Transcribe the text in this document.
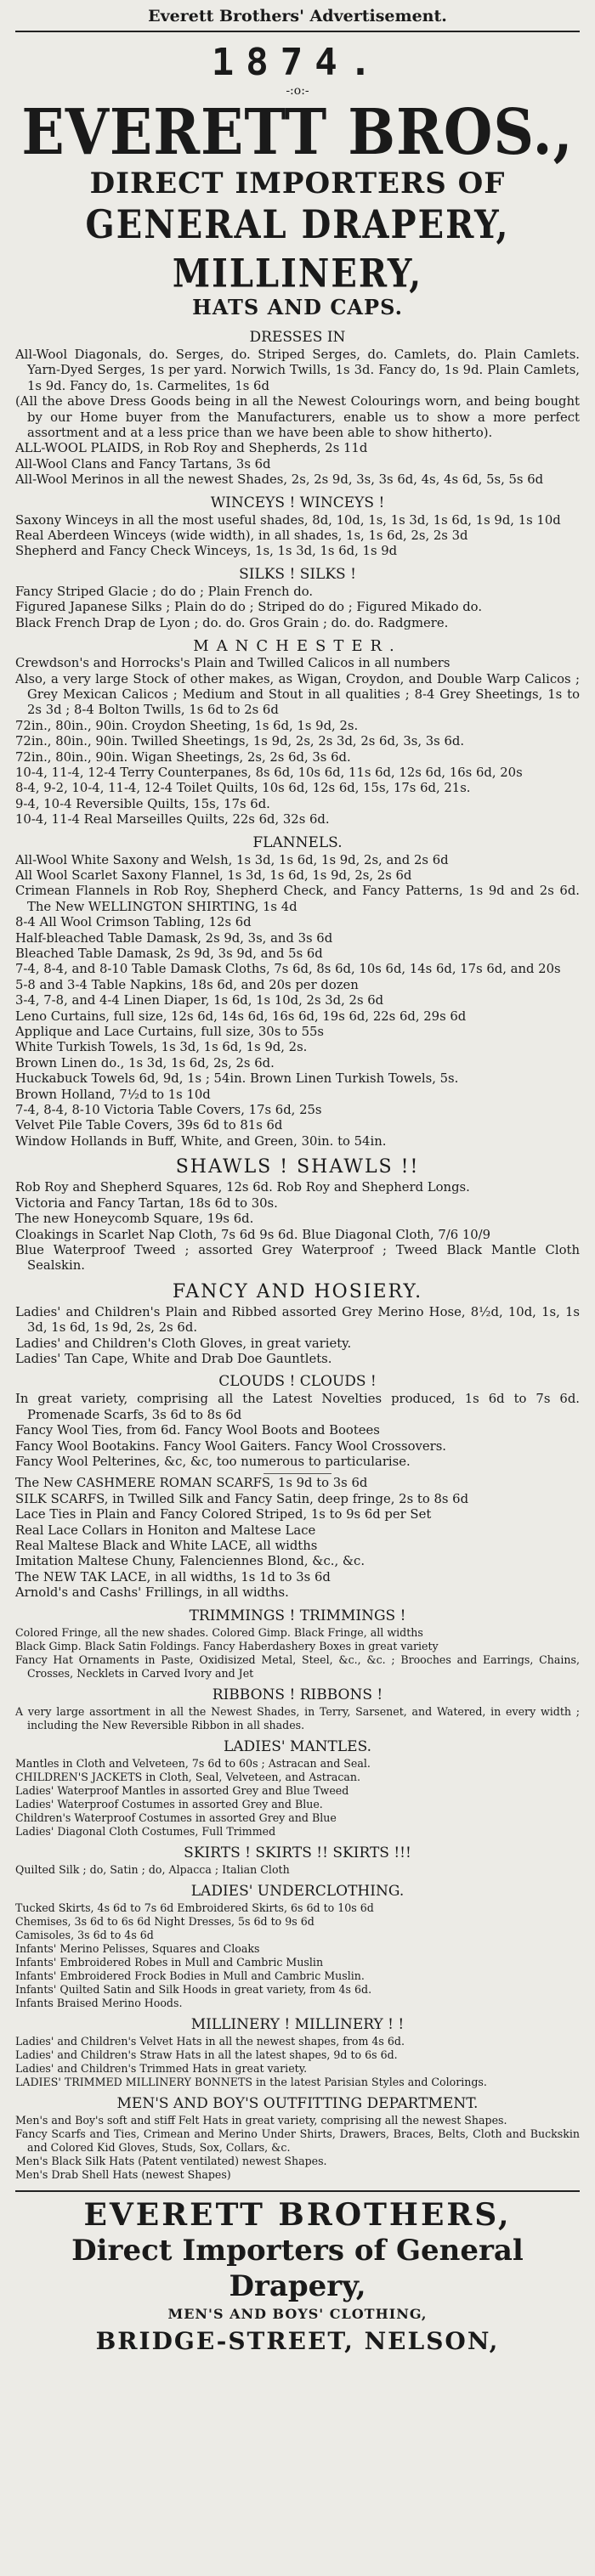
Everett Brothers' Advertisement.
1874.
-:o:-
EVERETT BROS.,
DIRECT IMPORTERS OF
GENERAL DRAPERY, MILLINERY,
HATS AND CAPS.
DRESSES IN

All-Wool Diagonals, do. Serges, do. Striped Serges, do. Camlets, do. Plain Camlets. Yarn-Dyed Serges, 1s per yard. Norwich Twills, 1s 3d. Fancy do, 1s 9d. Plain Camlets, 1s 9d. Fancy do, 1s. Carmelites, 1s 6d

(All the above Dress Goods being in all the Newest Colourings worn, and being bought by our Home buyer from the Manufacturers, enable us to show a more perfect assortment and at a less price than we have been able to show hitherto).

ALL-WOOL PLAIDS, in Rob Roy and Shepherds, 2s 11d

All-Wool Clans and Fancy Tartans, 3s 6d

All-Wool Merinos in all the newest Shades, 2s, 2s 9d, 3s, 3s 6d, 4s, 4s 6d, 5s, 5s 6d

WINCEYS ! WINCEYS !

Saxony Winceys in all the most useful shades, 8d, 10d, 1s, 1s 3d, 1s 6d, 1s 9d, 1s 10d

Real Aberdeen Winceys (wide width), in all shades, 1s, 1s 6d, 2s, 2s 3d

Shepherd and Fancy Check Winceys, 1s, 1s 3d, 1s 6d, 1s 9d

SILKS ! SILKS !

Fancy Striped Glacie ; do do ; Plain French do.

Figured Japanese Silks ; Plain do do ; Striped do do ; Figured Mikado do.

Black French Drap de Lyon ; do. do. Gros Grain ; do. do. Radgmere.

MANCHESTER.

Crewdson's and Horrocks's Plain and Twilled Calicos in all numbers

Also, a very large Stock of other makes, as Wigan, Croydon, and Double Warp Calicos ; Grey Mexican Calicos ; Medium and Stout in all qualities ; 8-4 Grey Sheetings, 1s to 2s 3d ; 8-4 Bolton Twills, 1s 6d to 2s 6d

72in., 80in., 90in. Croydon Sheeting, 1s 6d, 1s 9d, 2s.

72in., 80in., 90in. Twilled Sheetings, 1s 9d, 2s, 2s 3d, 2s 6d, 3s, 3s 6d.

72in., 80in., 90in. Wigan Sheetings, 2s, 2s 6d, 3s 6d.

10-4, 11-4, 12-4 Terry Counterpanes, 8s 6d, 10s 6d, 11s 6d, 12s 6d, 16s 6d, 20s

8-4, 9-2, 10-4, 11-4, 12-4 Toilet Quilts, 10s 6d, 12s 6d, 15s, 17s 6d, 21s.

9-4, 10-4 Reversible Quilts, 15s, 17s 6d.

10-4, 11-4 Real Marseilles Quilts, 22s 6d, 32s 6d.

FLANNELS.

All-Wool White Saxony and Welsh, 1s 3d, 1s 6d, 1s 9d, 2s, and 2s 6d

All Wool Scarlet Saxony Flannel, 1s 3d, 1s 6d, 1s 9d, 2s, 2s 6d

Crimean Flannels in Rob Roy, Shepherd Check, and Fancy Patterns, 1s 9d and 2s 6d. The New WELLINGTON SHIRTING, 1s 4d

8-4 All Wool Crimson Tabling, 12s 6d

Half-bleached Table Damask, 2s 9d, 3s, and 3s 6d

Bleached Table Damask, 2s 9d, 3s 9d, and 5s 6d

7-4, 8-4, and 8-10 Table Damask Cloths, 7s 6d, 8s 6d, 10s 6d, 14s 6d, 17s 6d, and 20s

5-8 and 3-4 Table Napkins, 18s 6d, and 20s per dozen

3-4, 7-8, and 4-4 Linen Diaper, 1s 6d, 1s 10d, 2s 3d, 2s 6d

Leno Curtains, full size, 12s 6d, 14s 6d, 16s 6d, 19s 6d, 22s 6d, 29s 6d

Applique and Lace Curtains, full size, 30s to 55s

White Turkish Towels, 1s 3d, 1s 6d, 1s 9d, 2s.

Brown Linen do., 1s 3d, 1s 6d, 2s, 2s 6d.

Huckabuck Towels 6d, 9d, 1s ; 54in. Brown Linen Turkish Towels, 5s.

Brown Holland, 7½d to 1s 10d

7-4, 8-4, 8-10 Victoria Table Covers, 17s 6d, 25s

Velvet Pile Table Covers, 39s 6d to 81s 6d

Window Hollands in Buff, White, and Green, 30in. to 54in.

SHAWLS ! SHAWLS !!

Rob Roy and Shepherd Squares, 12s 6d. Rob Roy and Shepherd Longs.

Victoria and Fancy Tartan, 18s 6d to 30s.

The new Honeycomb Square, 19s 6d.

Cloakings in Scarlet Nap Cloth, 7s 6d 9s 6d. Blue Diagonal Cloth, 7/6 10/9

Blue Waterproof Tweed ; assorted Grey Waterproof ; Tweed Black Mantle Cloth Sealskin.

FANCY AND HOSIERY.

Ladies' and Children's Plain and Ribbed assorted Grey Merino Hose, 8½d, 10d, 1s, 1s 3d, 1s 6d, 1s 9d, 2s, 2s 6d.

Ladies' and Children's Cloth Gloves, in great variety.

Ladies' Tan Cape, White and Drab Doe Gauntlets.

CLOUDS ! CLOUDS !

In great variety, comprising all the Latest Novelties produced, 1s 6d to 7s 6d. Promenade Scarfs, 3s 6d to 8s 6d

Fancy Wool Ties, from 6d. Fancy Wool Boots and Bootees

Fancy Wool Bootakins. Fancy Wool Gaiters. Fancy Wool Crossovers.

Fancy Wool Pelterines, &c, &c, too numerous to particularise.

The New CASHMERE ROMAN SCARFS, 1s 9d to 3s 6d

SILK SCARFS, in Twilled Silk and Fancy Satin, deep fringe, 2s to 8s 6d

Lace Ties in Plain and Fancy Colored Striped, 1s to 9s 6d per Set

Real Lace Collars in Honiton and Maltese Lace

Real Maltese Black and White LACE, all widths

Imitation Maltese Chuny, Falenciennes Blond, &c., &c.

The NEW TAK LACE, in all widths, 1s 1d to 3s 6d

Arnold's and Cashs' Frillings, in all widths.

TRIMMINGS ! TRIMMINGS !

Colored Fringe, all the new shades. Colored Gimp. Black Fringe, all widths

Black Gimp. Black Satin Foldings. Fancy Haberdashery Boxes in great variety

Fancy Hat Ornaments in Paste, Oxidisized Metal, Steel, &c., &c. ; Brooches and Earrings, Chains, Crosses, Necklets in Carved Ivory and Jet

RIBBONS ! RIBBONS !

A very large assortment in all the Newest Shades, in Terry, Sarsenet, and Watered, in every width ; including the New Reversible Ribbon in all shades.

LADIES' MANTLES.

Mantles in Cloth and Velveteen, 7s 6d to 60s ; Astracan and Seal.

CHILDREN'S JACKETS in Cloth, Seal, Velveteen, and Astracan.

Ladies' Waterproof Mantles in assorted Grey and Blue Tweed

Ladies' Waterproof Costumes in assorted Grey and Blue.

Children's Waterproof Costumes in assorted Grey and Blue

Ladies' Diagonal Cloth Costumes, Full Trimmed

SKIRTS ! SKIRTS !! SKIRTS !!!

Quilted Silk ; do, Satin ; do, Alpacca ; Italian Cloth

LADIES' UNDERCLOTHING.

Tucked Skirts, 4s 6d to 7s 6d Embroidered Skirts, 6s 6d to 10s 6d

Chemises, 3s 6d to 6s 6d Night Dresses, 5s 6d to 9s 6d

Camisoles, 3s 6d to 4s 6d

Infants' Merino Pelisses, Squares and Cloaks

Infants' Embroidered Robes in Mull and Cambric Muslin

Infants' Embroidered Frock Bodies in Mull and Cambric Muslin.

Infants' Quilted Satin and Silk Hoods in great variety, from 4s 6d.

Infants Braised Merino Hoods.

MILLINERY ! MILLINERY ! !

Ladies' and Children's Velvet Hats in all the newest shapes, from 4s 6d.

Ladies' and Children's Straw Hats in all the latest shapes, 9d to 6s 6d.

Ladies' and Children's Trimmed Hats in great variety.

LADIES' TRIMMED MILLINERY BONNETS in the latest Parisian Styles and Colorings.

MEN'S AND BOY'S OUTFITTING DEPARTMENT.

Men's and Boy's soft and stiff Felt Hats in great variety, comprising all the newest Shapes.

Fancy Scarfs and Ties, Crimean and Merino Under Shirts, Drawers, Braces, Belts, Cloth and Buckskin and Colored Kid Gloves, Studs, Sox, Collars, &c.

Men's Black Silk Hats (Patent ventilated) newest Shapes.

Men's Drab Shell Hats (newest Shapes)

EVERETT BROTHERS,
Direct Importers of General Drapery,
MEN'S AND BOYS' CLOTHING,
BRIDGE-STREET, NELSON,
